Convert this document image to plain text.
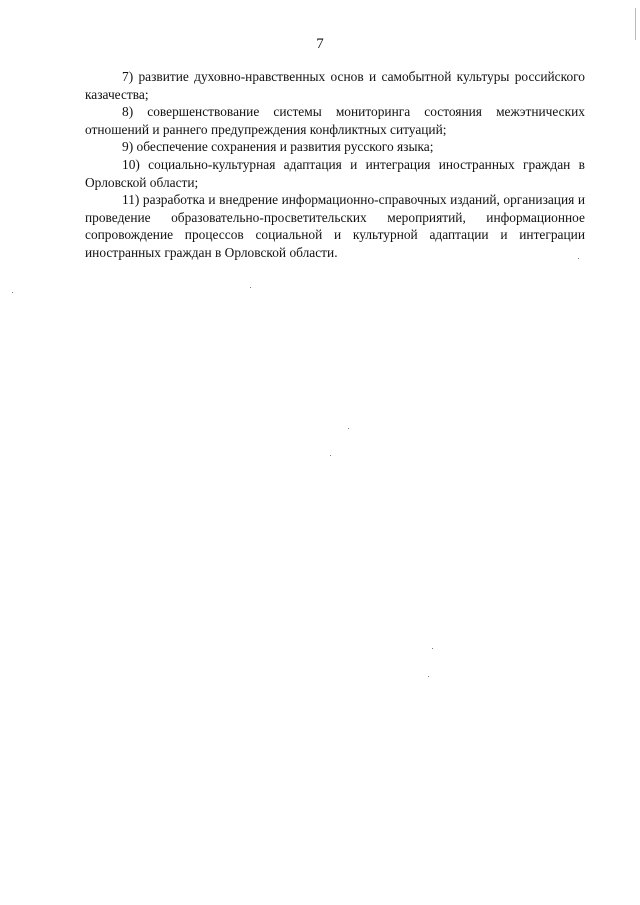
7

7) развитие духовно-нравственных основ и самобытной культуры российского казачества;

8) совершенствование системы мониторинга состояния межэтнических отношений и раннего предупреждения конфликтных ситуаций;

9) обеспечение сохранения и развития русского языка;

10) социально-культурная адаптация и интеграция иностранных граждан в Орловской области;

11) разработка и внедрение информационно-справочных изданий, организация и проведение образовательно-просветительских мероприятий, информационное сопровождение процессов социальной и культурной адаптации и интеграции иностранных граждан в Орловской области.
